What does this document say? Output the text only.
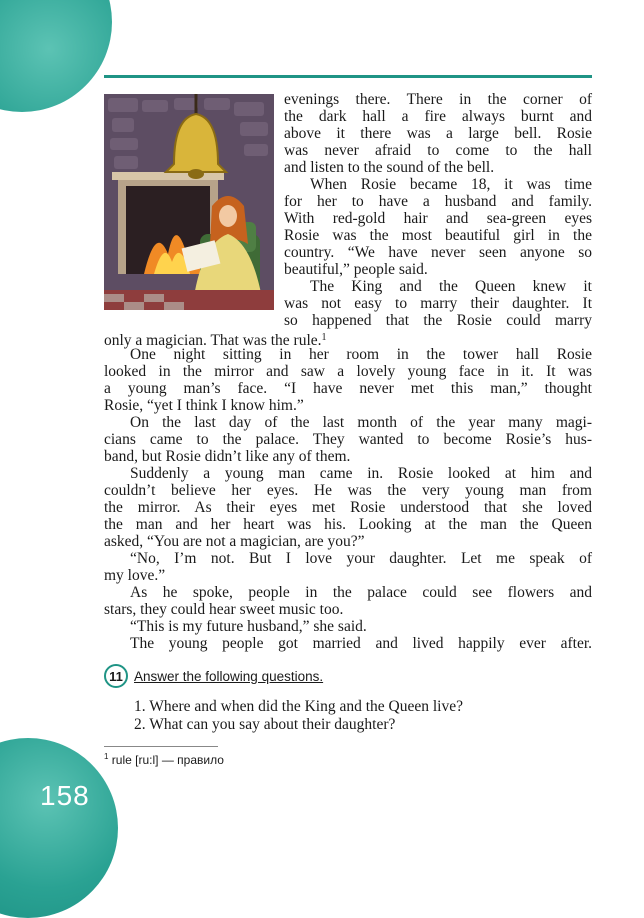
evenings there. There in the corner of
the dark hall a fire always burnt and
above it there was a large bell. Rosie
was never afraid to come to the hall
and listen to the sound of the bell.
When Rosie became 18, it was time
for her to have a husband and family.
With red-gold hair and sea-green eyes
Rosie was the most beautiful girl in the
country. “We have never seen anyone so
beautiful,” people said.
The King and the Queen knew it
was not easy to marry their daughter. It
so happened that the Rosie could marry
only a magician. That was the rule.$^1$
One night sitting in her room in the tower hall Rosie
looked in the mirror and saw a lovely young face in it. It was
a young man’s face. “I have never met this man,” thought
Rosie, “yet I think I know him.”
On the last day of the last month of the year many magi-
cians came to the palace. They wanted to become Rosie’s hus-
band, but Rosie didn’t like any of them.
Suddenly a young man came in. Rosie looked at him and
couldn’t believe her eyes. He was the very young man from
the mirror. As their eyes met Rosie understood that she loved
the man and her heart was his. Looking at the man the Queen
asked, “You are not a magician, are you?”
“No, I’m not. But I love your daughter. Let me speak of
my love.”
As he spoke, people in the palace could see flowers and
stars, they could hear sweet music too.
“This is my future husband,” she said.
The young people got married and lived happily ever after.
11 Answer the following questions.
1. Where and when did the King and the Queen live?
2. What can you say about their daughter?
$^1$ rule [ru:l] — правило
158
